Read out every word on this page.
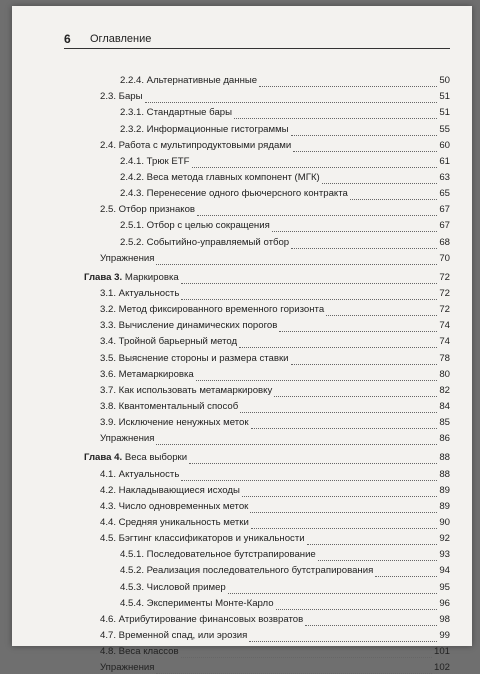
6 Оглавление
2.2.4. Альтернативные данные	50
2.3. Бары	51
2.3.1. Стандартные бары	51
2.3.2. Информационные гистограммы	55
2.4. Работа с мультипродуктовыми рядами	60
2.4.1. Трюк ETF	61
2.4.2. Веса метода главных компонент (МГК)	63
2.4.3. Перенесение одного фьючерсного контракта	65
2.5. Отбор признаков	67
2.5.1. Отбор с целью сокращения	67
2.5.2. Событийно-управляемый отбор	68
Упражнения	70
Глава 3. Маркировка	72
3.1. Актуальность	72
3.2. Метод фиксированного временного горизонта	72
3.3. Вычисление динамических порогов	74
3.4. Тройной барьерный метод	74
3.5. Выяснение стороны и размера ставки	78
3.6. Метамаркировка	80
3.7. Как использовать метамаркировку	82
3.8. Квантоментальный способ	84
3.9. Исключение ненужных меток	85
Упражнения	86
Глава 4. Веса выборки	88
4.1. Актуальность	88
4.2. Накладывающиеся исходы	89
4.3. Число одновременных меток	89
4.4. Средняя уникальность метки	90
4.5. Бэгтинг классификаторов и уникальности	92
4.5.1. Последовательное бутстрапирование	93
4.5.2. Реализация последовательного бутстрапирования	94
4.5.3. Числовой пример	95
4.5.4. Эксперименты Монте-Карло	96
4.6. Атрибутирование финансовых возвратов	98
4.7. Временной спад, или эрозия	99
4.8. Веса классов	101
Упражнения	102
